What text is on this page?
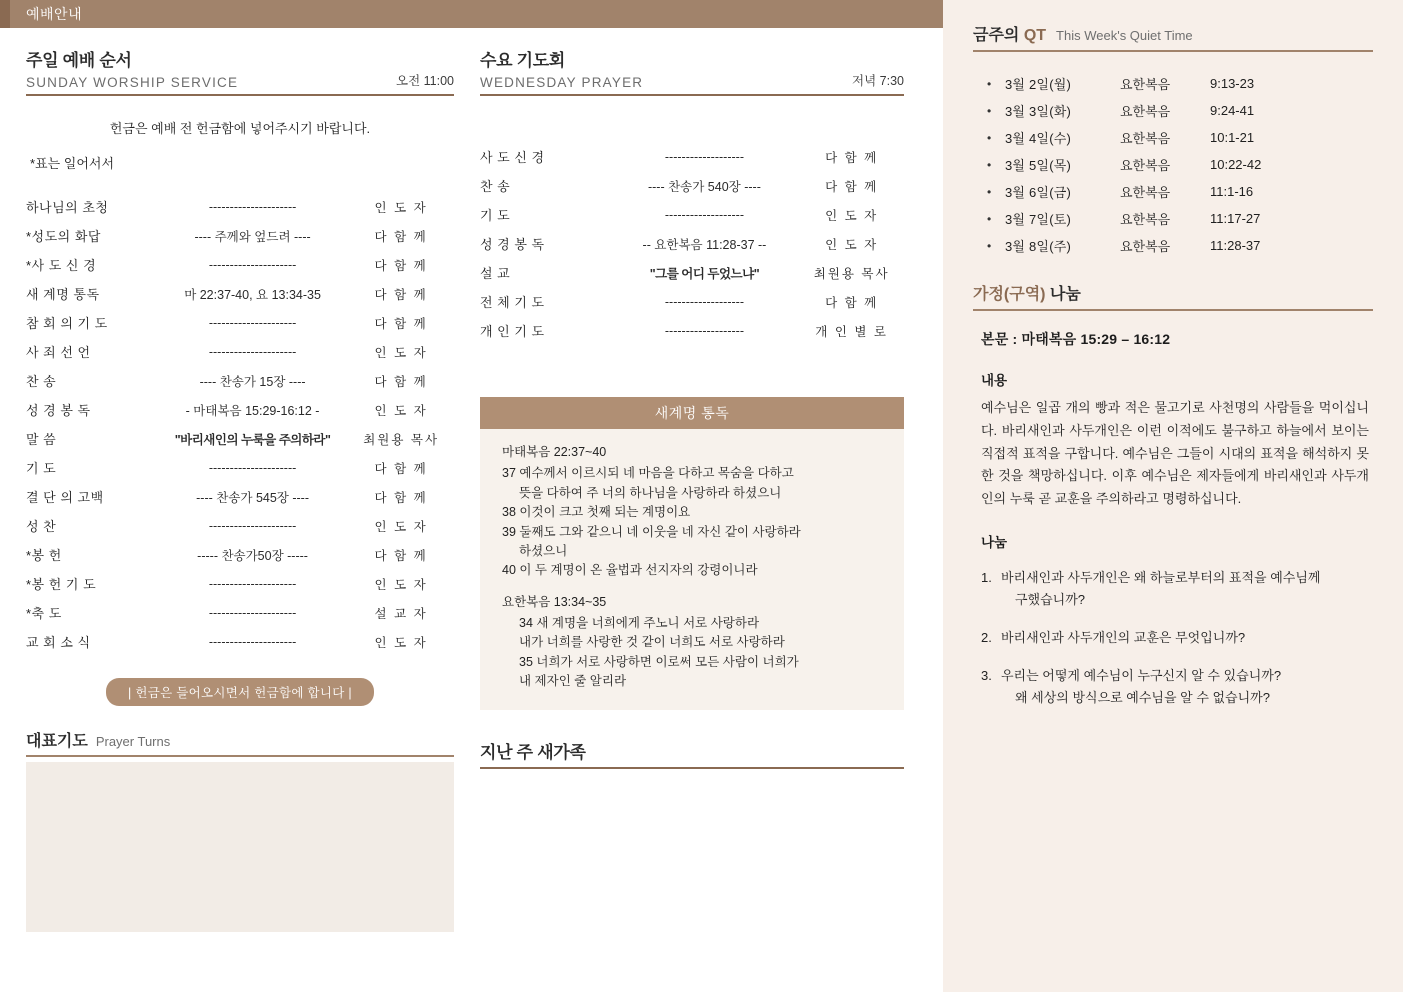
예배안내
주일 예배 순서
SUNDAY WORSHIP SERVICE	오전 11:00
헌금은 예배 전 헌금함에 넣어주시기 바랍니다.
*표는 일어서서
하나님의 초청	---------------------	인 도 자
*성도의 화답	---- 주께와 엎드려 ----	다 함 께
*사 도 신 경	---------------------	다 함 께
새 계명 통독	마 22:37-40, 요 13:34-35	다 함 께
참 회 의 기 도	---------------------	다 함 께
사 죄 선 언	---------------------	인 도 자
찬 송	---- 찬송가 15장 ----	다 함 께
성 경 봉 독	- 마태복음 15:29-16:12 -	인 도 자
말 씀	"바리새인의 누룩을 주의하라"	최원용 목사
기 도	---------------------	다 함 께
결 단 의 고백	---- 찬송가 545장 ----	다 함 께
성 찬	---------------------	인 도 자
*봉 헌	----- 찬송가50장 -----	다 함 께
*봉 헌 기 도	---------------------	인 도 자
*축 도	---------------------	설 교 자
교 회 소 식	---------------------	인 도 자
| 헌금은 들어오시면서 헌금함에 합니다 |
대표기도 Prayer Turns
수요 기도회
WEDNESDAY PRAYER	저녁 7:30
사 도 신 경	-------------------	다 함 께
찬 송	---- 찬송가 540장 ----	다 함 께
기 도	-------------------	인 도 자
성 경 봉 독	-- 요한복음 11:28-37 --	인 도 자
설 교	"그를 어디 두었느냐"	최원용 목사
전 체 기 도	-------------------	다 함 께
개 인 기 도	-------------------	개 인 별 로
새계명 통독
마태복음 22:37~40
37 예수께서 이르시되 네 마음을 다하고 목숨을 다하고
뜻을 다하여 주 너의 하나님을 사랑하라 하셨으니
38 이것이 크고 첫째 되는 계명이요
39 둘째도 그와 같으니 네 이웃을 네 자신 같이 사랑하라
하셨으니
40 이 두 계명이 온 율법과 선지자의 강령이니라
요한복음 13:34~35
34 새 계명을 너희에게 주노니 서로 사랑하라
내가 너희를 사랑한 것 같이 너희도 서로 사랑하라
35 너희가 서로 사랑하면 이로써 모든 사람이 너희가
내 제자인 줄 알리라
지난 주 새가족
금주의 QT This Week's Quiet Time
•	3월 2일(월)	요한복음	9:13-23
•	3월 3일(화)	요한복음	9:24-41
•	3월 4일(수)	요한복음	10:1-21
•	3월 5일(목)	요한복음	10:22-42
•	3월 6일(금)	요한복음	11:1-16
•	3월 7일(토)	요한복음	11:17-27
•	3월 8일(주)	요한복음	11:28-37
가정(구역) 나눔
본문 : 마태복음 15:29 – 16:12
내용
예수님은 일곱 개의 빵과 적은 물고기로 사천명의 사람들을 먹이십니다. 바리새인과 사두개인은 이런 이적에도 불구하고 하늘에서 보이는 직접적 표적을 구합니다. 예수님은 그들이 시대의 표적을 해석하지 못한 것을 책망하십니다. 이후 예수님은 제자들에게 바리새인과 사두개인의 누룩 곧 교훈을 주의하라고 명령하십니다.
나눔
1. 바리새인과 사두개인은 왜 하늘로부터의 표적을 예수님께
구했습니까?
2. 바리새인과 사두개인의 교훈은 무엇입니까?
3. 우리는 어떻게 예수님이 누구신지 알 수 있습니까?
왜 세상의 방식으로 예수님을 알 수 없습니까?
